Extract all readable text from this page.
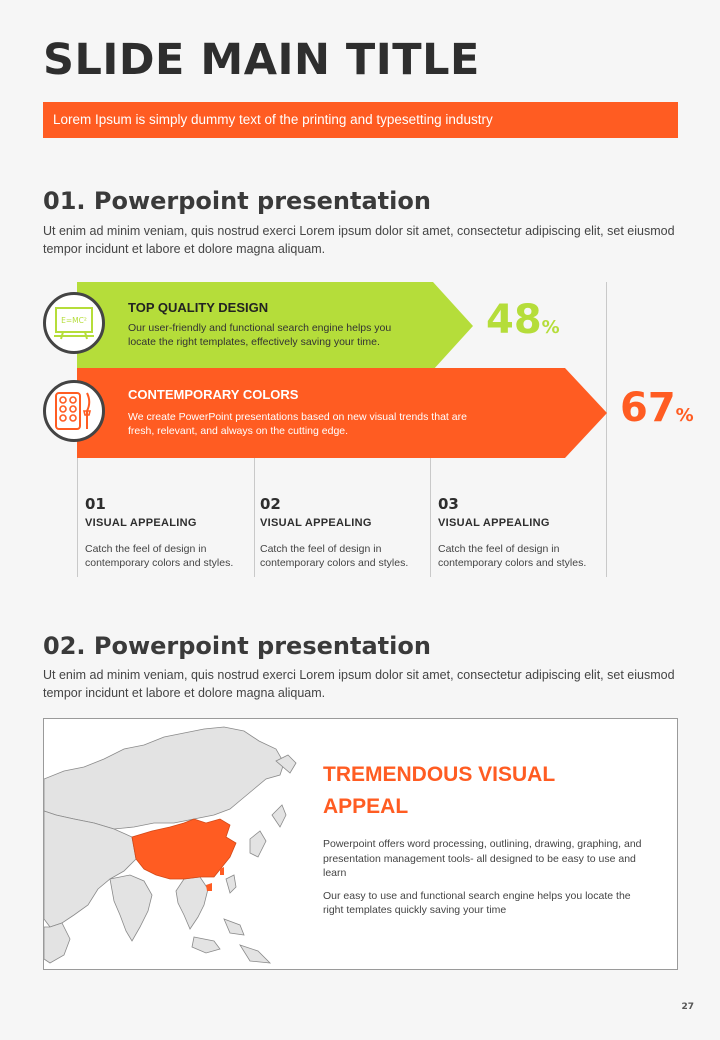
SLIDE MAIN TITLE
Lorem Ipsum is simply dummy text of the printing and typesetting industry
01. Powerpoint presentation

Ut enim ad minim veniam, quis nostrud exerci Lorem ipsum dolor sit amet, consectetur adipiscing elit, set eiusmod tempor incidunt et labore et dolore magna aliquam.

E=MC²

TOP QUALITY DESIGN

Our user-friendly and functional search engine helps you locate the right templates, effectively saving your time.	48%

CONTEMPORARY COLORS

We create PowerPoint presentations based on new visual trends that are fresh, relevant, and always on the cutting edge.	67%
01
VISUAL APPEALING
Catch the feel of design in contemporary colors and styles.
02
VISUAL APPEALING
Catch the feel of design in contemporary colors and styles.
03
VISUAL APPEALING
Catch the feel of design in contemporary colors and styles.
02. Powerpoint presentation

Ut enim ad minim veniam, quis nostrud exerci Lorem ipsum dolor sit amet, consectetur adipiscing elit, set eiusmod tempor incidunt et labore et dolore magna aliquam.

TREMENDOUS VISUAL

APPEAL

Powerpoint offers word processing, outlining, drawing, graphing, and presentation management tools- all designed to be easy to use and learn

Our easy to use and functional search engine helps you locate the right templates quickly saving your time

27
